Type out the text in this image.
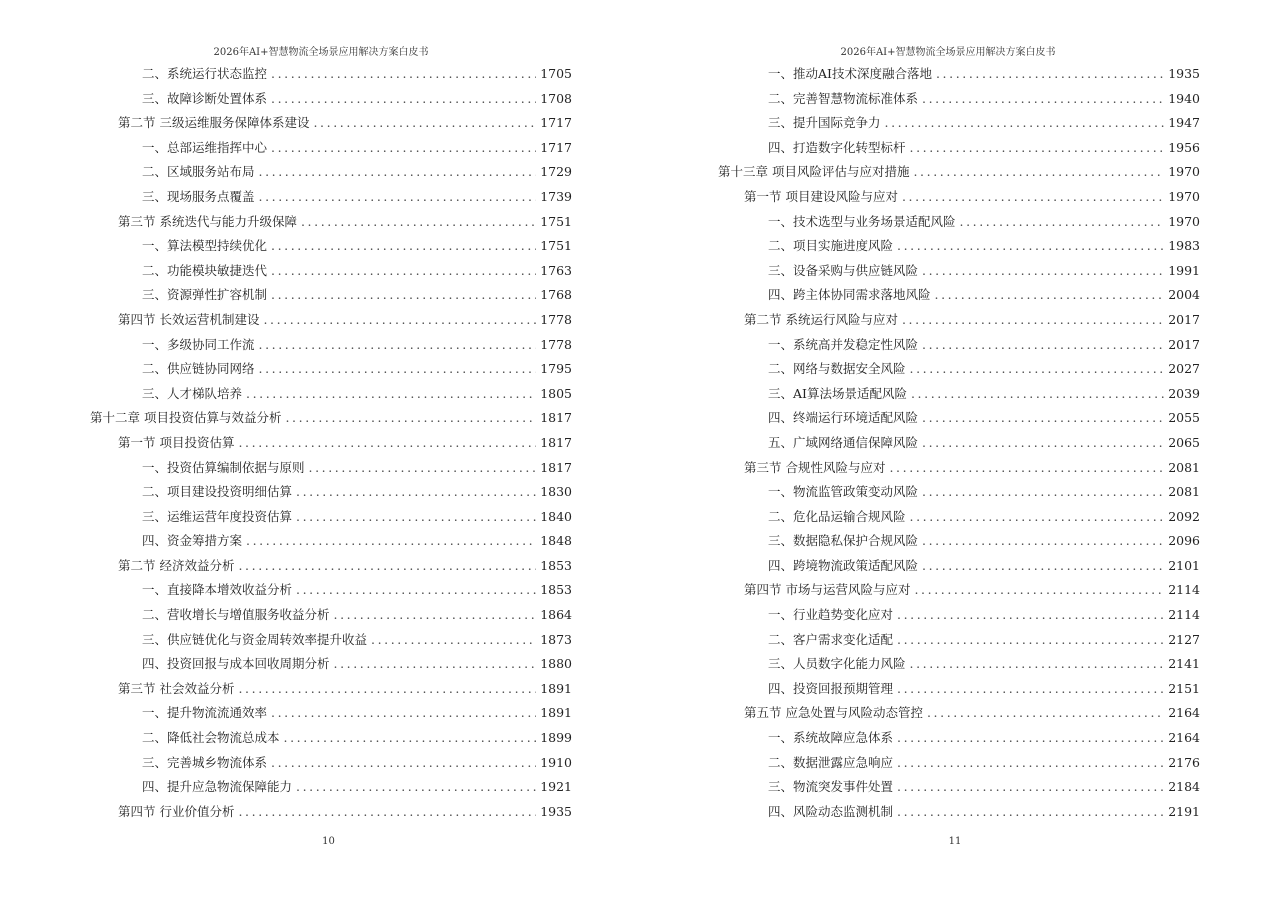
2026年AI+智慧物流全场景应用解决方案白皮书
二、系统运行状态监控 .....	1705
三、故障诊断处置体系 .....	1708
第二节 三级运维服务保障体系建设 .....	1717
一、总部运维指挥中心 .....	1717
二、区域服务站布局 .....	1729
三、现场服务点覆盖 .....	1739
第三节 系统迭代与能力升级保障 .....	1751
一、算法模型持续优化 .....	1751
二、功能模块敏捷迭代 .....	1763
三、资源弹性扩容机制 .....	1768
第四节 长效运营机制建设 .....	1778
一、多级协同工作流 .....	1778
二、供应链协同网络 .....	1795
三、人才梯队培养 .....	1805
第十二章 项目投资估算与效益分析 .....	1817
第一节 项目投资估算 .....	1817
一、投资估算编制依据与原则 .....	1817
二、项目建设投资明细估算 .....	1830
三、运维运营年度投资估算 .....	1840
四、资金筹措方案 .....	1848
第二节 经济效益分析 .....	1853
一、直接降本增效收益分析 .....	1853
二、营收增长与增值服务收益分析 .....	1864
三、供应链优化与资金周转效率提升收益 .....	1873
四、投资回报与成本回收周期分析 .....	1880
第三节 社会效益分析 .....	1891
一、提升物流流通效率 .....	1891
二、降低社会物流总成本 .....	1899
三、完善城乡物流体系 .....	1910
四、提升应急物流保障能力 .....	1921
第四节 行业价值分析 .....	1935
10
2026年AI+智慧物流全场景应用解决方案白皮书
一、推动AI技术深度融合落地 .....	1935
二、完善智慧物流标准体系 .....	1940
三、提升国际竞争力 .....	1947
四、打造数字化转型标杆 .....	1956
第十三章 项目风险评估与应对措施 .....	1970
第一节 项目建设风险与应对 .....	1970
一、技术选型与业务场景适配风险 .....	1970
二、项目实施进度风险 .....	1983
三、设备采购与供应链风险 .....	1991
四、跨主体协同需求落地风险 .....	2004
第二节 系统运行风险与应对 .....	2017
一、系统高并发稳定性风险 .....	2017
二、网络与数据安全风险 .....	2027
三、AI算法场景适配风险 .....	2039
四、终端运行环境适配风险 .....	2055
五、广域网络通信保障风险 .....	2065
第三节 合规性风险与应对 .....	2081
一、物流监管政策变动风险 .....	2081
二、危化品运输合规风险 .....	2092
三、数据隐私保护合规风险 .....	2096
四、跨境物流政策适配风险 .....	2101
第四节 市场与运营风险与应对 .....	2114
一、行业趋势变化应对 .....	2114
二、客户需求变化适配 .....	2127
三、人员数字化能力风险 .....	2141
四、投资回报预期管理 .....	2151
第五节 应急处置与风险动态管控 .....	2164
一、系统故障应急体系 .....	2164
二、数据泄露应急响应 .....	2176
三、物流突发事件处置 .....	2184
四、风险动态监测机制 .....	2191
11
